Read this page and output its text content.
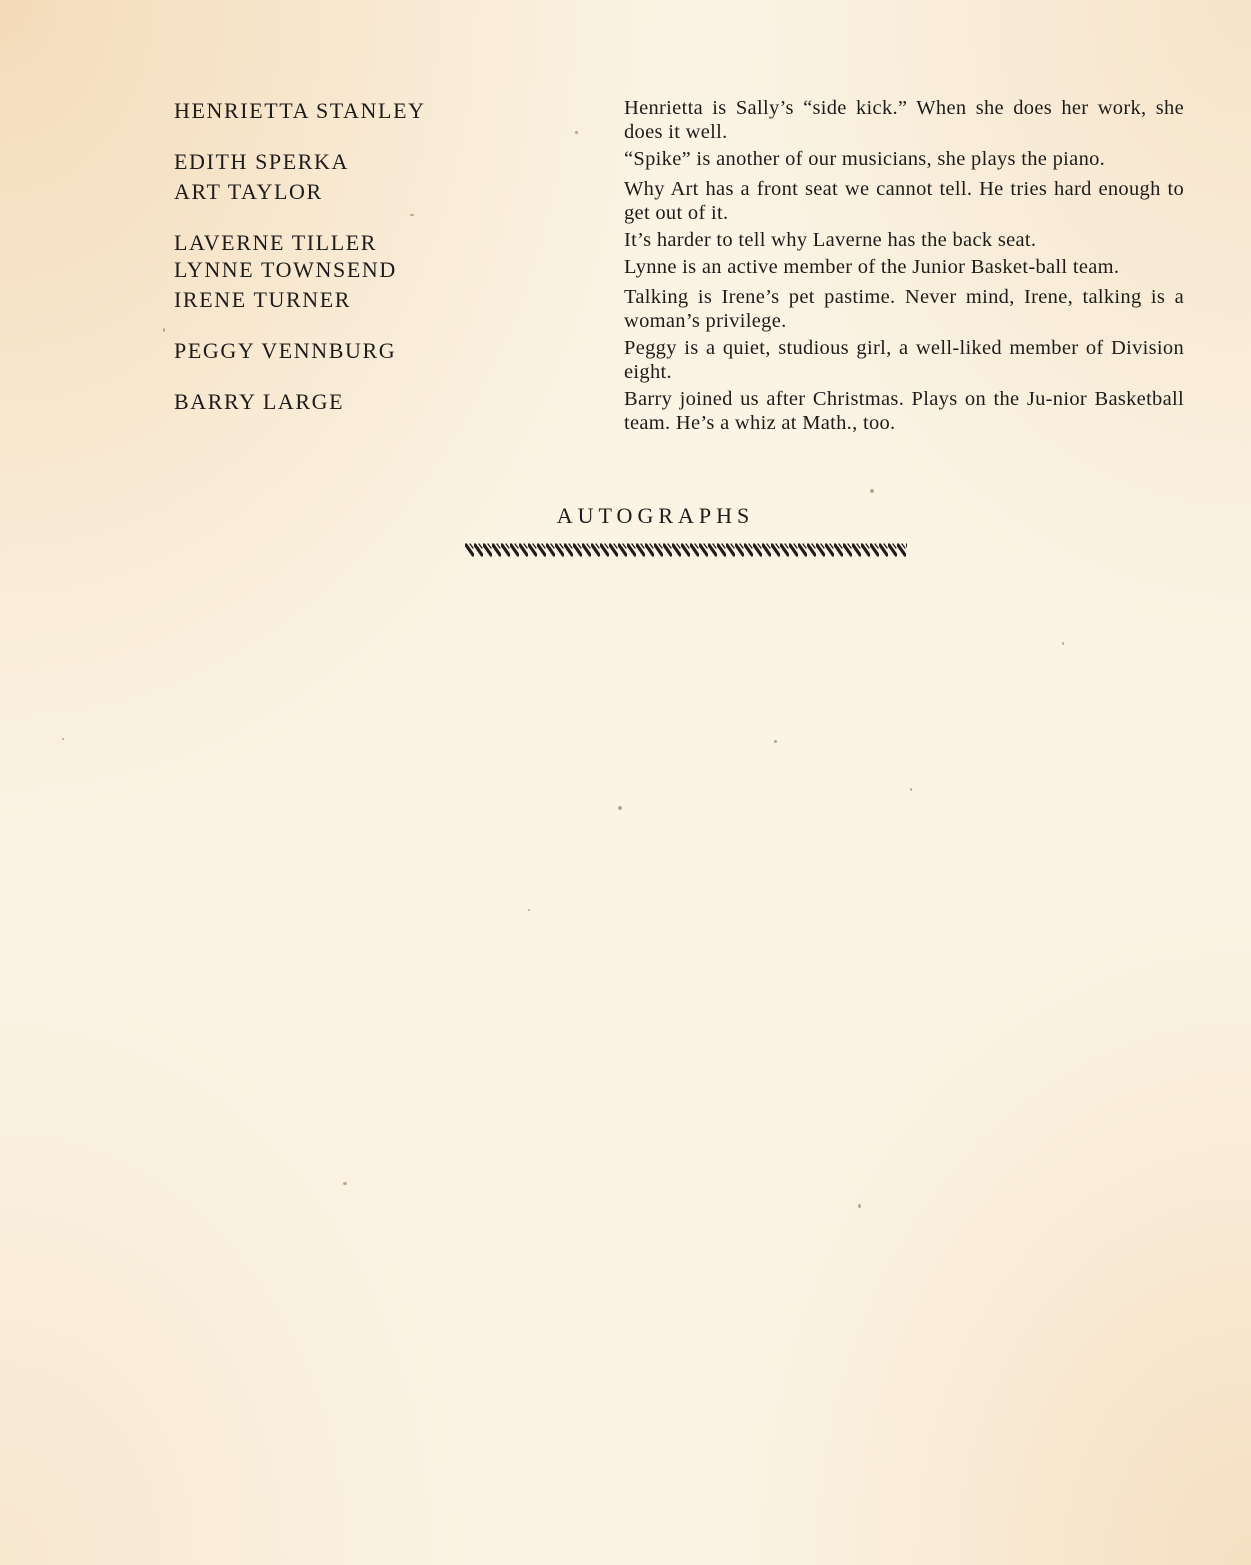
HENRIETTA STANLEY	Henrietta is Sally’s “side kick.” When she does her work, she does it well.
EDITH SPERKA	“Spike” is another of our musicians, she plays the piano.
ART TAYLOR	Why Art has a front seat we cannot tell. He tries hard enough to get out of it.
LAVERNE TILLER	It’s harder to tell why Laverne has the back seat.
LYNNE TOWNSEND	Lynne is an active member of the Junior Basket-ball team.
IRENE TURNER	Talking is Irene’s pet pastime. Never mind, Irene, talking is a woman’s privilege.
PEGGY VENNBURG	Peggy is a quiet, studious girl, a well-liked member of Division eight.
BARRY LARGE	Barry joined us after Christmas. Plays on the Ju-nior Basketball team. He’s a whiz at Math., too.
AUTOGRAPHS
